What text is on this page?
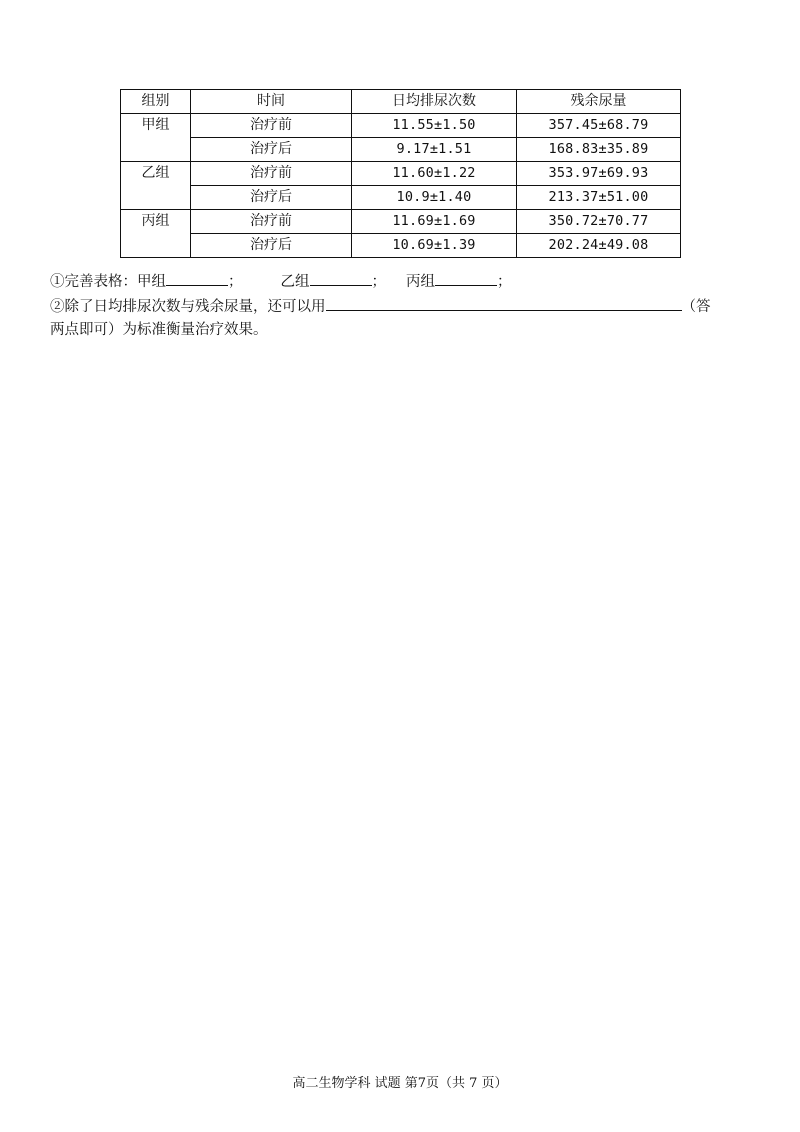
组别	时间	日均排尿次数	残余尿量
甲组	治疗前	11.55±1.50	357.45±68.79
	治疗后	9.17±1.51	168.83±35.89
乙组	治疗前	11.60±1.22	353.97±69.93
	治疗后	10.9±1.40	213.37±51.00
丙组	治疗前	11.69±1.69	350.72±70.77
	治疗后	10.69±1.39	202.24±49.08
①完善表格：甲组	；	乙组	； 丙组	；
②除了日均排尿次数与残余尿量，还可以用	（答
两点即可）为标准衡量治疗效果。
高二生物学科 试题 第7页（共 7 页）
